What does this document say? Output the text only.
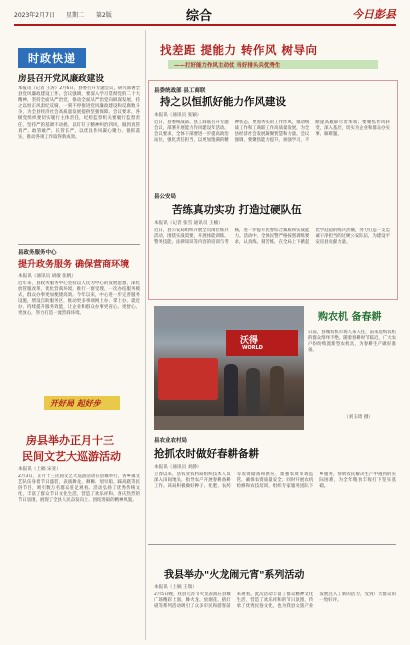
2023年2月7日 星期二 第2版	综合	今日彭县
找差距 提能力 转作风 树导向
——打好能力作风主动仗 当好排头兵优秀生
时政快递
房县召开党风廉政建设
本报讯（记者 王涛）2月6日，县委召开专题会议，研究部署全县党风廉政建设工作。会议强调，要深入学习贯彻党的二十大精神，坚持全面从严治党，推动全面从严治党向纵深发展，持之以恒正风肃纪反腐，一刻不停推进党风廉政建设和反腐败斗争，为全县经济社会高质量发展提供坚强保障。会议要求，各级党组织要切实履行主体责任，纪检监察机关要履行监督责任，坚持严的基调不动摇，以钉钉子精神纠治四风，做到真管真严、敢管敢严、长管长严，以优良作风凝心聚力、狠抓落实，推动各项工作取得新成效。
县政务服务中心
提升政务服务 确保营商环境
本报讯（通讯员 胡敏 张帆）
近年来，县政务服务中心坚持以人民为中心的发展思想，深化放管服改革，优化营商环境，推行一窗受理、一次办结服务模式，群众办事更加便捷高效。今年以来，中心进一步完善服务设施，增设自助服务区，推动更多事项网上办、掌上办、就近办，持续提升服务效能，让企业和群众办事更省心、更舒心、更放心，努力打造一流营商环境。
开好局 起好步
房县举办正月十三
民间文艺大巡游活动
本报讯（上稿 宋亚）
2月3日，正月十三民间文艺大巡游活动在县城举行，各乡镇文艺队伍身着节日盛装，表演舞龙、舞狮、划旱船、踩高跷等民俗节目，吸引数万名群众驻足观看。活动弘扬了优秀传统文化，丰富了群众节日文化生活，营造了欢乐祥和、喜庆热烈的节日氛围，展现了全县人民奋发向上、团结进取的精神风貌。
县委统战部 县工商联
持之以恒抓好能力作风建设
本报讯（通讯员 张颖）
近日，县委统战部、县工商联召开专题会议，部署开展能力作风建设年活动。会议要求，全体干部要进一步提高政治站位，强化责任担当，以更加饱满的精神状态、更加务实的工作作风，推动统战工作和工商联工作高质量发展，为全县经济社会发展凝聚智慧和力量。会议强调，要聚焦能力提升，加强学习，不断提高履职尽责本领；要聚焦作风转变，深入基层，切实为企业和群众办实事、解难题。
县公安局
苦练真功实功 打造过硬队伍
本报讯（记者 张雪 通讯员 王楠）
近日，县公安局组织开展全员岗位练兵活动，围绕实战需要，开展体能训练、警务技能、法律知识等内容的培训与考核，进一步提升民警综合素质和实战能力。活动中，全体民警严格按照训练要求，认真练、刻苦练，在全局上下掀起比学赶超的练兵热潮，努力打造一支忠诚干净担当的过硬公安队伍，为建设平安房县贡献力量。
沃得
WORLD
购农机 备春耕
日前，县城农机市场人来人往，前来选购农机的群众络绎不绝。随着春耕时节临近，广大农户纷纷购置新型农机具，为春耕生产做好准备。
（刘玉琦 摄）
县农业农村局
抢抓农时做好春耕备耕
本报讯（通讯员 刘静）
立春以来，县农业农村局组织技术人员深入田间地头，指导农户开展春耕备耕工作。该局积极做好种子、化肥、农药等农资储备和供应，加强农资市场监管，确保农资质量安全；同时开展农机检修和农技培训，组织专家服务团队下乡服务，帮助农民解决生产中遇到的实际困难，为全年粮食丰收打下坚实基础。
我县举办"火龙闹元宵"系列活动
本报讯（上稿 王瑞）
2月5日晚，我县元宵节火龙表演在县城广场精彩上演，舞火龙、放烟花、猜灯谜等系列活动吸引了众多市民和游客前来观看。此次活动丰富了群众精神文化生活，营造了欢乐祥和的节日氛围，传承了优秀民俗文化，也为我县文旅产业发展注入了新的活力，受到广大群众的一致好评。
